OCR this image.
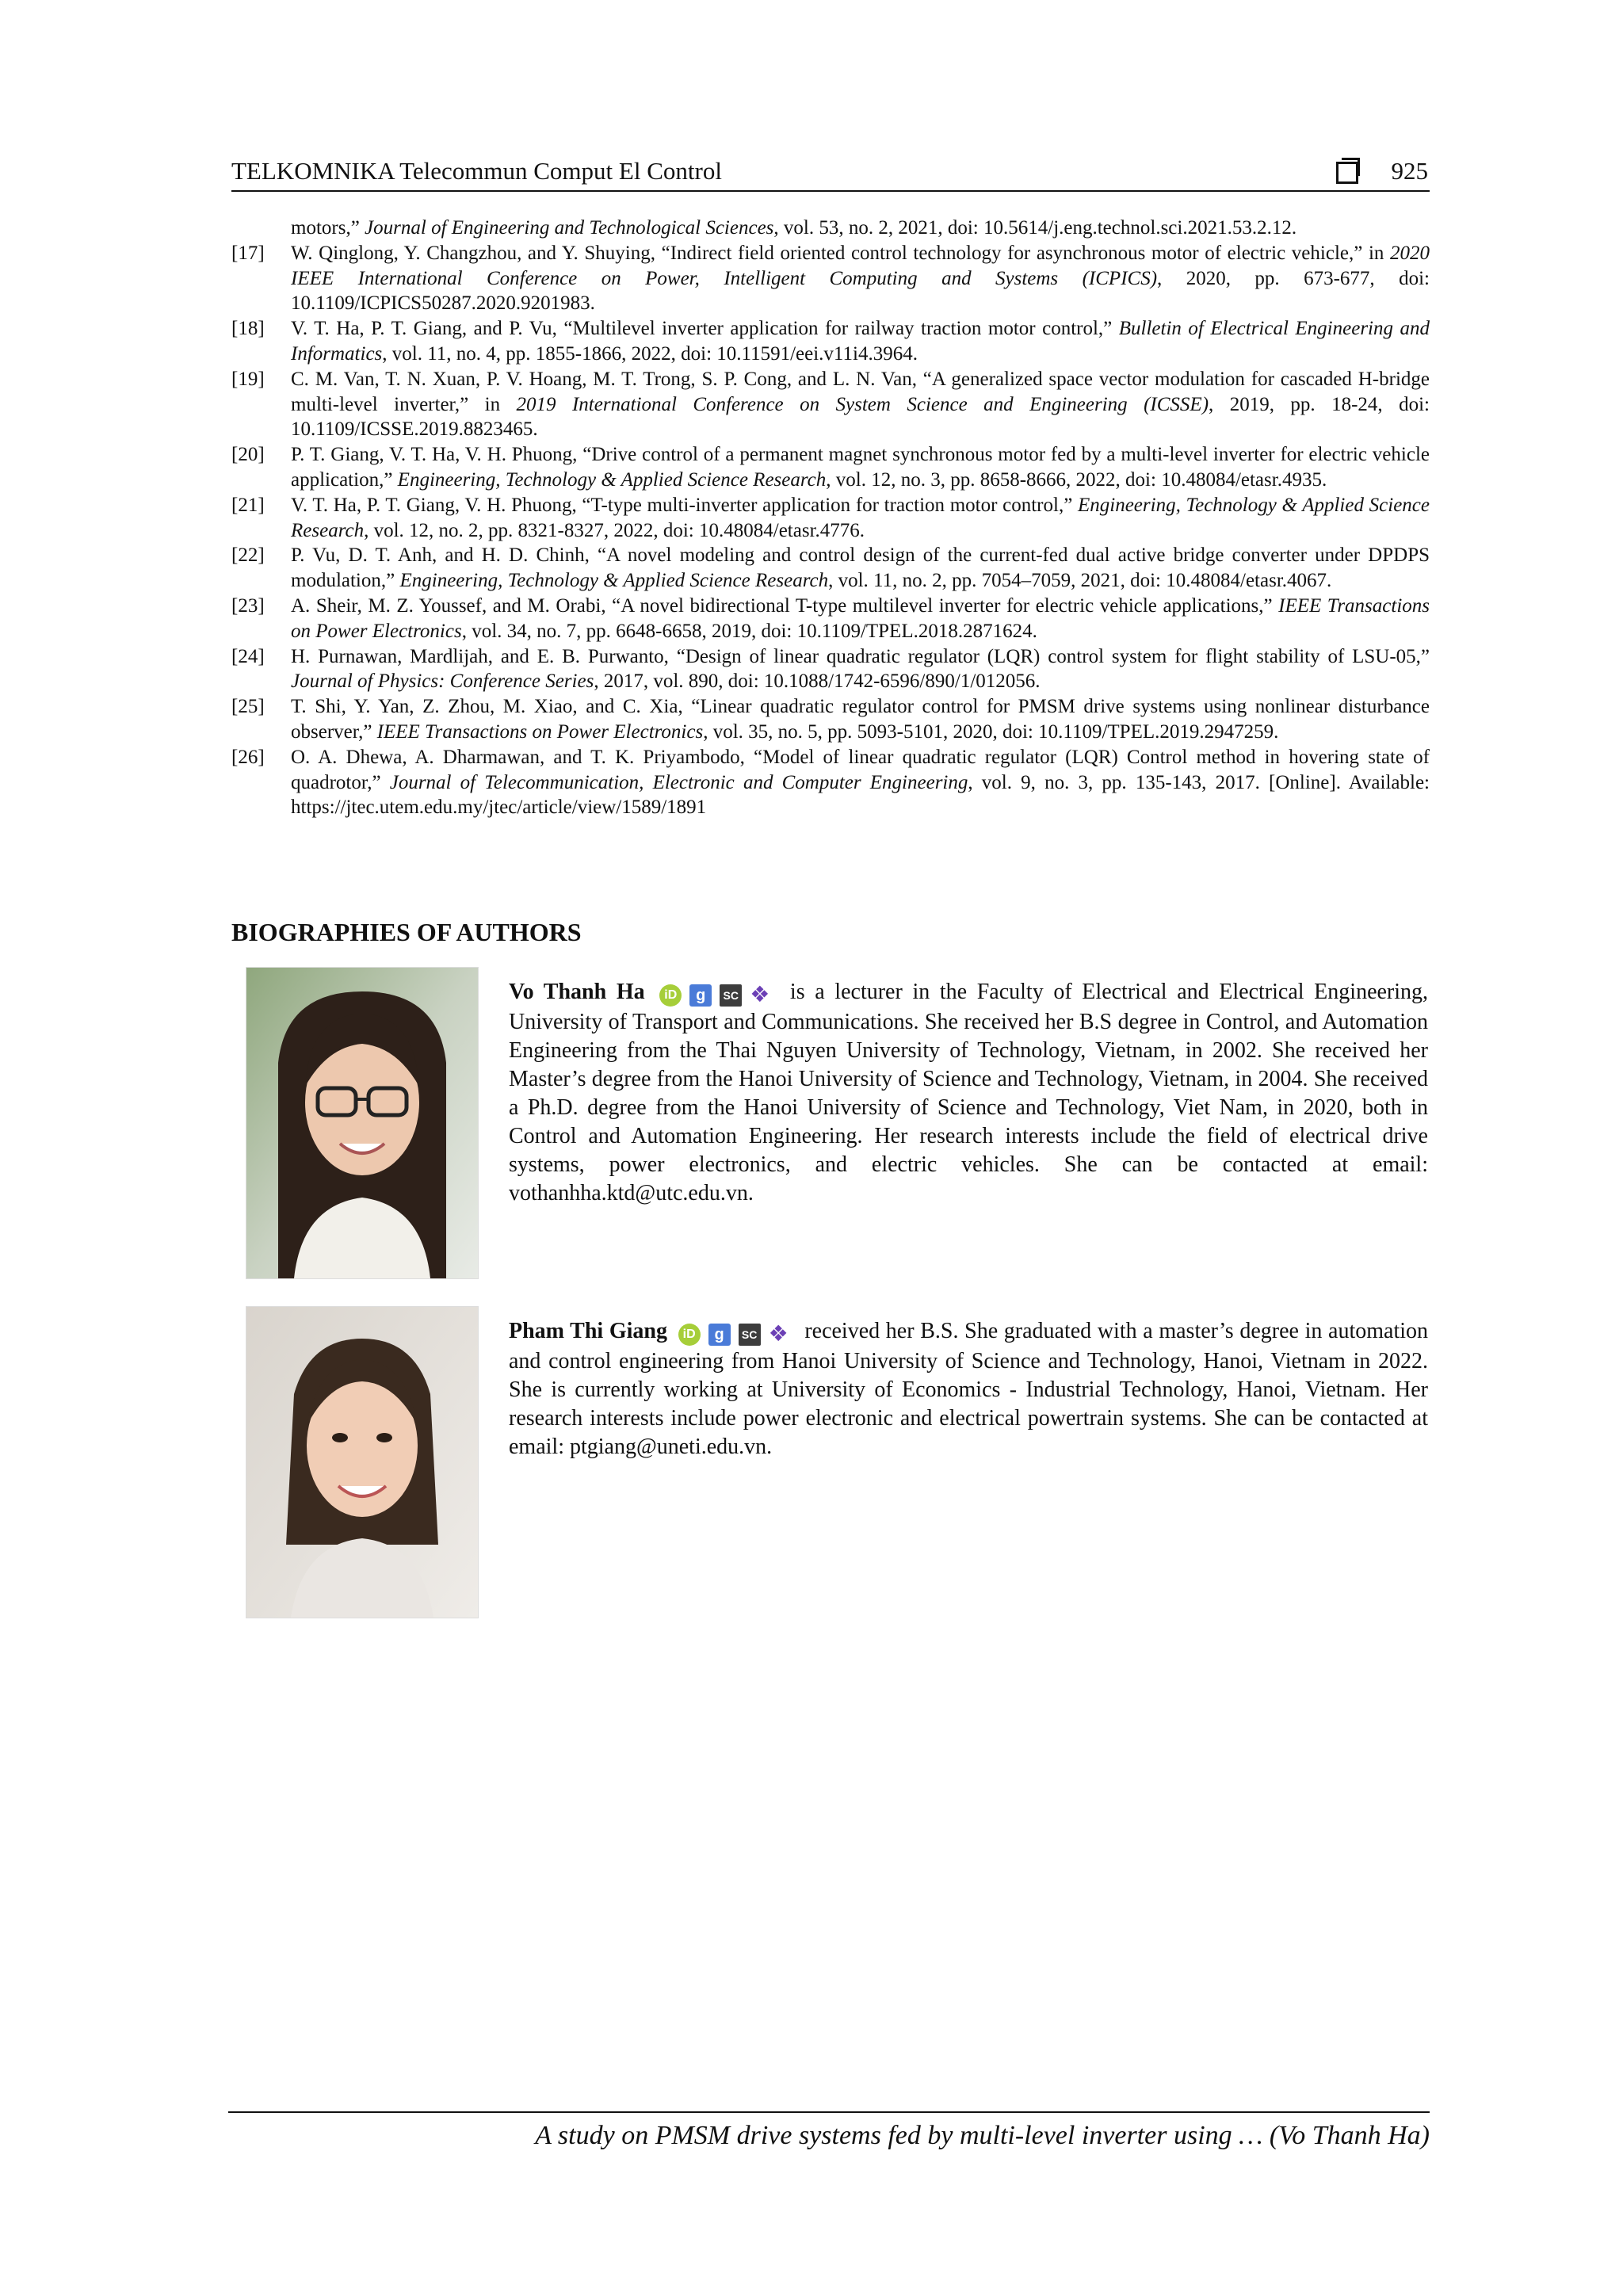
TELKOMNIKA Telecommun Comput El Control	925
motors,” Journal of Engineering and Technological Sciences, vol. 53, no. 2, 2021, doi: 10.5614/j.eng.technol.sci.2021.53.2.12.
[17] W. Qinglong, Y. Changzhou, and Y. Shuying, “Indirect field oriented control technology for asynchronous motor of electric vehicle,” in 2020 IEEE International Conference on Power, Intelligent Computing and Systems (ICPICS), 2020, pp. 673-677, doi: 10.1109/ICPICS50287.2020.9201983.
[18] V. T. Ha, P. T. Giang, and P. Vu, “Multilevel inverter application for railway traction motor control,” Bulletin of Electrical Engineering and Informatics, vol. 11, no. 4, pp. 1855-1866, 2022, doi: 10.11591/eei.v11i4.3964.
[19] C. M. Van, T. N. Xuan, P. V. Hoang, M. T. Trong, S. P. Cong, and L. N. Van, “A generalized space vector modulation for cascaded H-bridge multi-level inverter,” in 2019 International Conference on System Science and Engineering (ICSSE), 2019, pp. 18-24, doi: 10.1109/ICSSE.2019.8823465.
[20] P. T. Giang, V. T. Ha, V. H. Phuong, “Drive control of a permanent magnet synchronous motor fed by a multi-level inverter for electric vehicle application,” Engineering, Technology & Applied Science Research, vol. 12, no. 3, pp. 8658-8666, 2022, doi: 10.48084/etasr.4935.
[21] V. T. Ha, P. T. Giang, V. H. Phuong, “T-type multi-inverter application for traction motor control,” Engineering, Technology & Applied Science Research, vol. 12, no. 2, pp. 8321-8327, 2022, doi: 10.48084/etasr.4776.
[22] P. Vu, D. T. Anh, and H. D. Chinh, “A novel modeling and control design of the current-fed dual active bridge converter under DPDPS modulation,” Engineering, Technology & Applied Science Research, vol. 11, no. 2, pp. 7054–7059, 2021, doi: 10.48084/etasr.4067.
[23] A. Sheir, M. Z. Youssef, and M. Orabi, “A novel bidirectional T-type multilevel inverter for electric vehicle applications,” IEEE Transactions on Power Electronics, vol. 34, no. 7, pp. 6648-6658, 2019, doi: 10.1109/TPEL.2018.2871624.
[24] H. Purnawan, Mardlijah, and E. B. Purwanto, “Design of linear quadratic regulator (LQR) control system for flight stability of LSU-05,” Journal of Physics: Conference Series, 2017, vol. 890, doi: 10.1088/1742-6596/890/1/012056.
[25] T. Shi, Y. Yan, Z. Zhou, M. Xiao, and C. Xia, “Linear quadratic regulator control for PMSM drive systems using nonlinear disturbance observer,” IEEE Transactions on Power Electronics, vol. 35, no. 5, pp. 5093-5101, 2020, doi: 10.1109/TPEL.2019.2947259.
[26] O. A. Dhewa, A. Dharmawan, and T. K. Priyambodo, “Model of linear quadratic regulator (LQR) Control method in hovering state of quadrotor,” Journal of Telecommunication, Electronic and Computer Engineering, vol. 9, no. 3, pp. 135-143, 2017. [Online]. Available: https://jtec.utem.edu.my/jtec/article/view/1589/1891
BIOGRAPHIES OF AUTHORS
Vo Thanh Ha iD g SC ❖ is a lecturer in the Faculty of Electrical and Electrical Engineering, University of Transport and Communications. She received her B.S degree in Control, and Automation Engineering from the Thai Nguyen University of Technology, Vietnam, in 2002. She received her Master’s degree from the Hanoi University of Science and Technology, Vietnam, in 2004. She received a Ph.D. degree from the Hanoi University of Science and Technology, Viet Nam, in 2020, both in Control and Automation Engineering. Her research interests include the field of electrical drive systems, power electronics, and electric vehicles. She can be contacted at email: vothanhha.ktd@utc.edu.vn.
Pham Thi Giang iD g SC ❖ received her B.S. She graduated with a master’s degree in automation and control engineering from Hanoi University of Science and Technology, Hanoi, Vietnam in 2022. She is currently working at University of Economics - Industrial Technology, Hanoi, Vietnam. Her research interests include power electronic and electrical powertrain systems. She can be contacted at email: ptgiang@uneti.edu.vn.
A study on PMSM drive systems fed by multi-level inverter using … (Vo Thanh Ha)
